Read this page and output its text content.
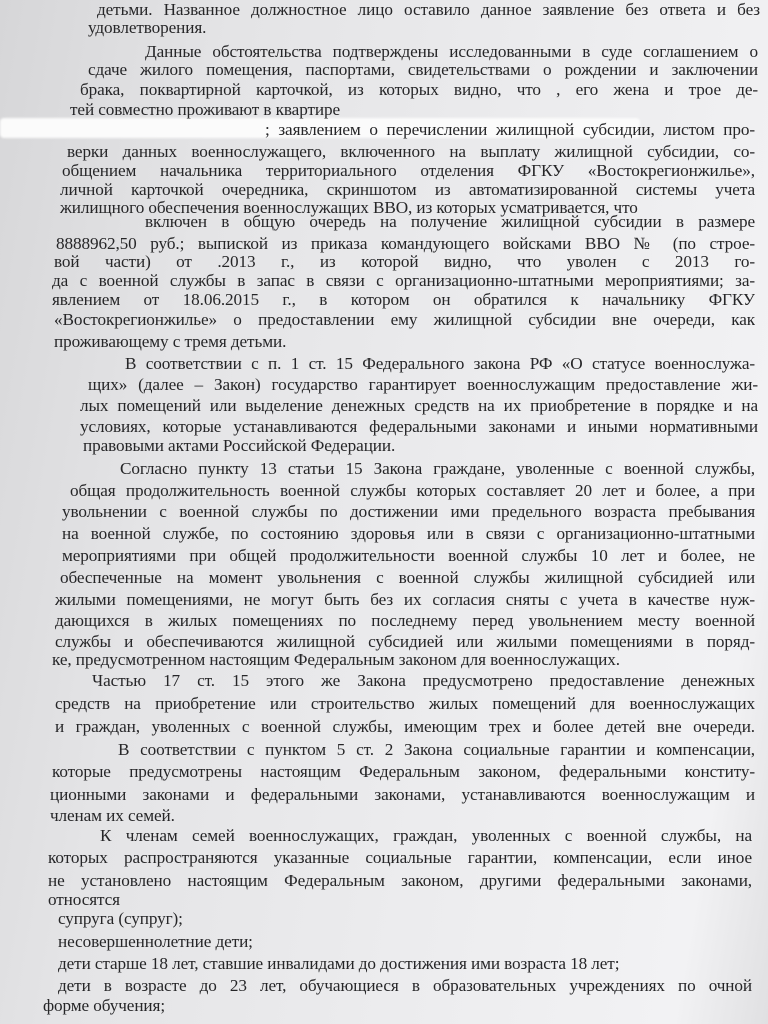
детьми. Названное должностное лицо оставило данное заявление без ответа и без
удовлетворения.
Данные обстоятельства подтверждены исследованными в суде соглашением о
сдаче жилого помещения, паспортами, свидетельствами о рождении и заключении
брака, поквартирной карточкой, из которых видно, что , его жена и трое де-
тей совместно проживают в квартире
; заявлением о перечислении жилищной субсидии, листом про-
верки данных военнослужащего, включенного на выплату жилищной субсидии, со-
общением начальника территориального отделения ФГКУ «Востокрегионжилье»,
личной карточкой очередника, скриншотом из автоматизированной системы учета
жилищного обеспечения военнослужащих ВВО, из которых усматривается, что
включен в общую очередь на получение жилищной субсидии в размере
8888962,50 руб.; выпиской из приказа командующего войсками ВВО № (по строе-
вой части) от .2013 г., из которой видно, что уволен с 2013 го-
да с военной службы в запас в связи с организационно-штатными мероприятиями; за-
явлением от 18.06.2015 г., в котором он обратился к начальнику ФГКУ
«Востокрегионжилье» о предоставлении ему жилищной субсидии вне очереди, как
проживающему с тремя детьми.
В соответствии с п. 1 ст. 15 Федерального закона РФ «О статусе военнослужа-
щих» (далее – Закон) государство гарантирует военнослужащим предоставление жи-
лых помещений или выделение денежных средств на их приобретение в порядке и на
условиях, которые устанавливаются федеральными законами и иными нормативными
правовыми актами Российской Федерации.
Согласно пункту 13 статьи 15 Закона граждане, уволенные с военной службы,
общая продолжительность военной службы которых составляет 20 лет и более, а при
увольнении с военной службы по достижении ими предельного возраста пребывания
на военной службе, по состоянию здоровья или в связи с организационно-штатными
мероприятиями при общей продолжительности военной службы 10 лет и более, не
обеспеченные на момент увольнения с военной службы жилищной субсидией или
жилыми помещениями, не могут быть без их согласия сняты с учета в качестве нуж-
дающихся в жилых помещениях по последнему перед увольнением месту военной
службы и обеспечиваются жилищной субсидией или жилыми помещениями в поряд-
ке, предусмотренном настоящим Федеральным законом для военнослужащих.
Частью 17 ст. 15 этого же Закона предусмотрено предоставление денежных
средств на приобретение или строительство жилых помещений для военнослужащих
и граждан, уволенных с военной службы, имеющим трех и более детей вне очереди.
В соответствии с пунктом 5 ст. 2 Закона социальные гарантии и компенсации,
которые предусмотрены настоящим Федеральным законом, федеральными конститу-
ционными законами и федеральными законами, устанавливаются военнослужащим и
членам их семей.
К членам семей военнослужащих, граждан, уволенных с военной службы, на
которых распространяются указанные социальные гарантии, компенсации, если иное
не установлено настоящим Федеральным законом, другими федеральными законами,
относятся
супруга (супруг);
несовершеннолетние дети;
дети старше 18 лет, ставшие инвалидами до достижения ими возраста 18 лет;
дети в возрасте до 23 лет, обучающиеся в образовательных учреждениях по очной
форме обучения;
